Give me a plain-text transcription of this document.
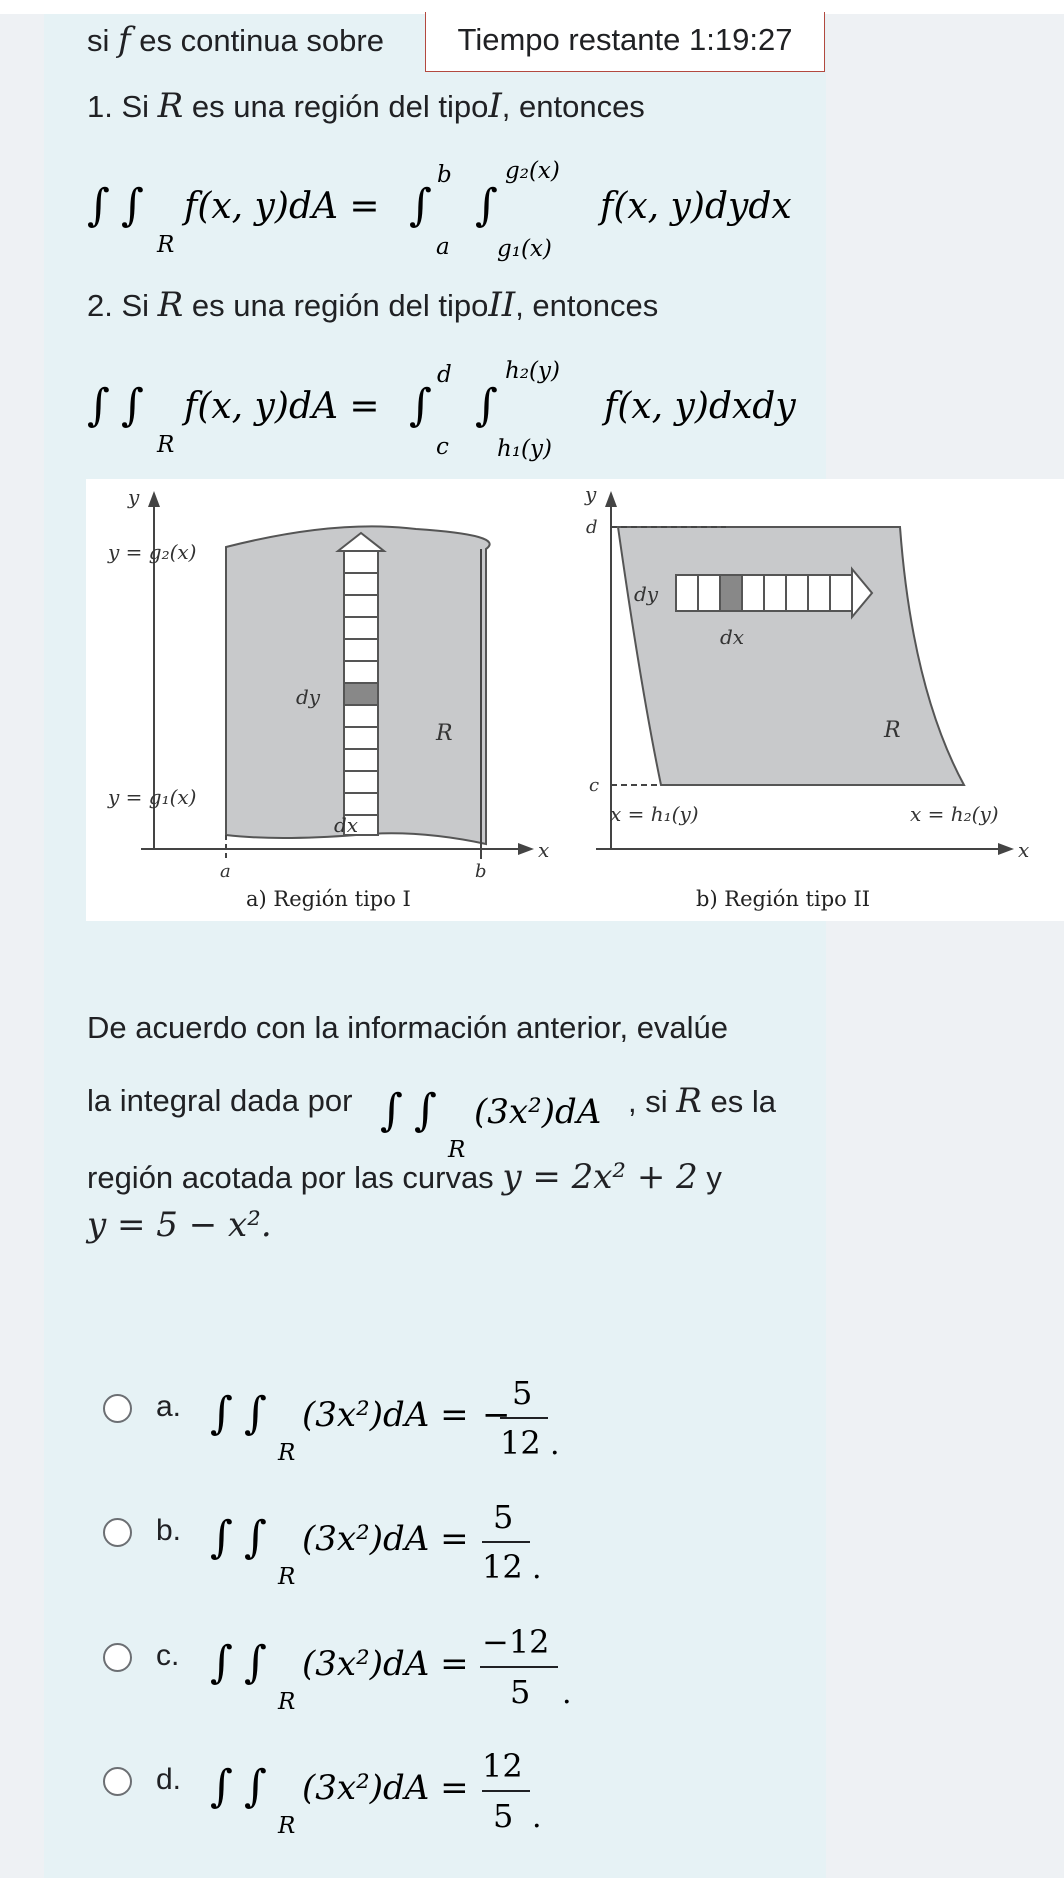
si f es continua sobre	Tiempo restante 1:19:27
1. Si R es una región del tipoI, entonces
∫ ∫
R
f(x, y)dA = ∫
b
a
∫
g₂(x)
g₁(x)
f(x, y)dydx
2. Si R es una región del tipoII, entonces
∫ ∫
R
f(x, y)dA = ∫
d
c
∫
h₂(y)
h₁(y)
f(x, y)dxdy
y
x
y = g₂(x)
y = g₁(x)
a	b
dy
dx
R
a) Región tipo I
y
x
d
c
x = h₁(y)	x = h₂(y)
dy
dx
R
b) Región tipo II
De acuerdo con la información anterior, evalúe
la integral dada por ∫ ∫
R
(3x²)dA , si R es la
región acotada por las curvas y = 2x² + 2 y
y = 5 − x².
a. ∫ ∫
R
(3x²)dA = −
5
12 .
b. ∫ ∫
R
(3x²)dA =
5
12 .
c. ∫ ∫
R
(3x²)dA =
−12
5 .
d. ∫ ∫
R
(3x²)dA =
12
5 .
